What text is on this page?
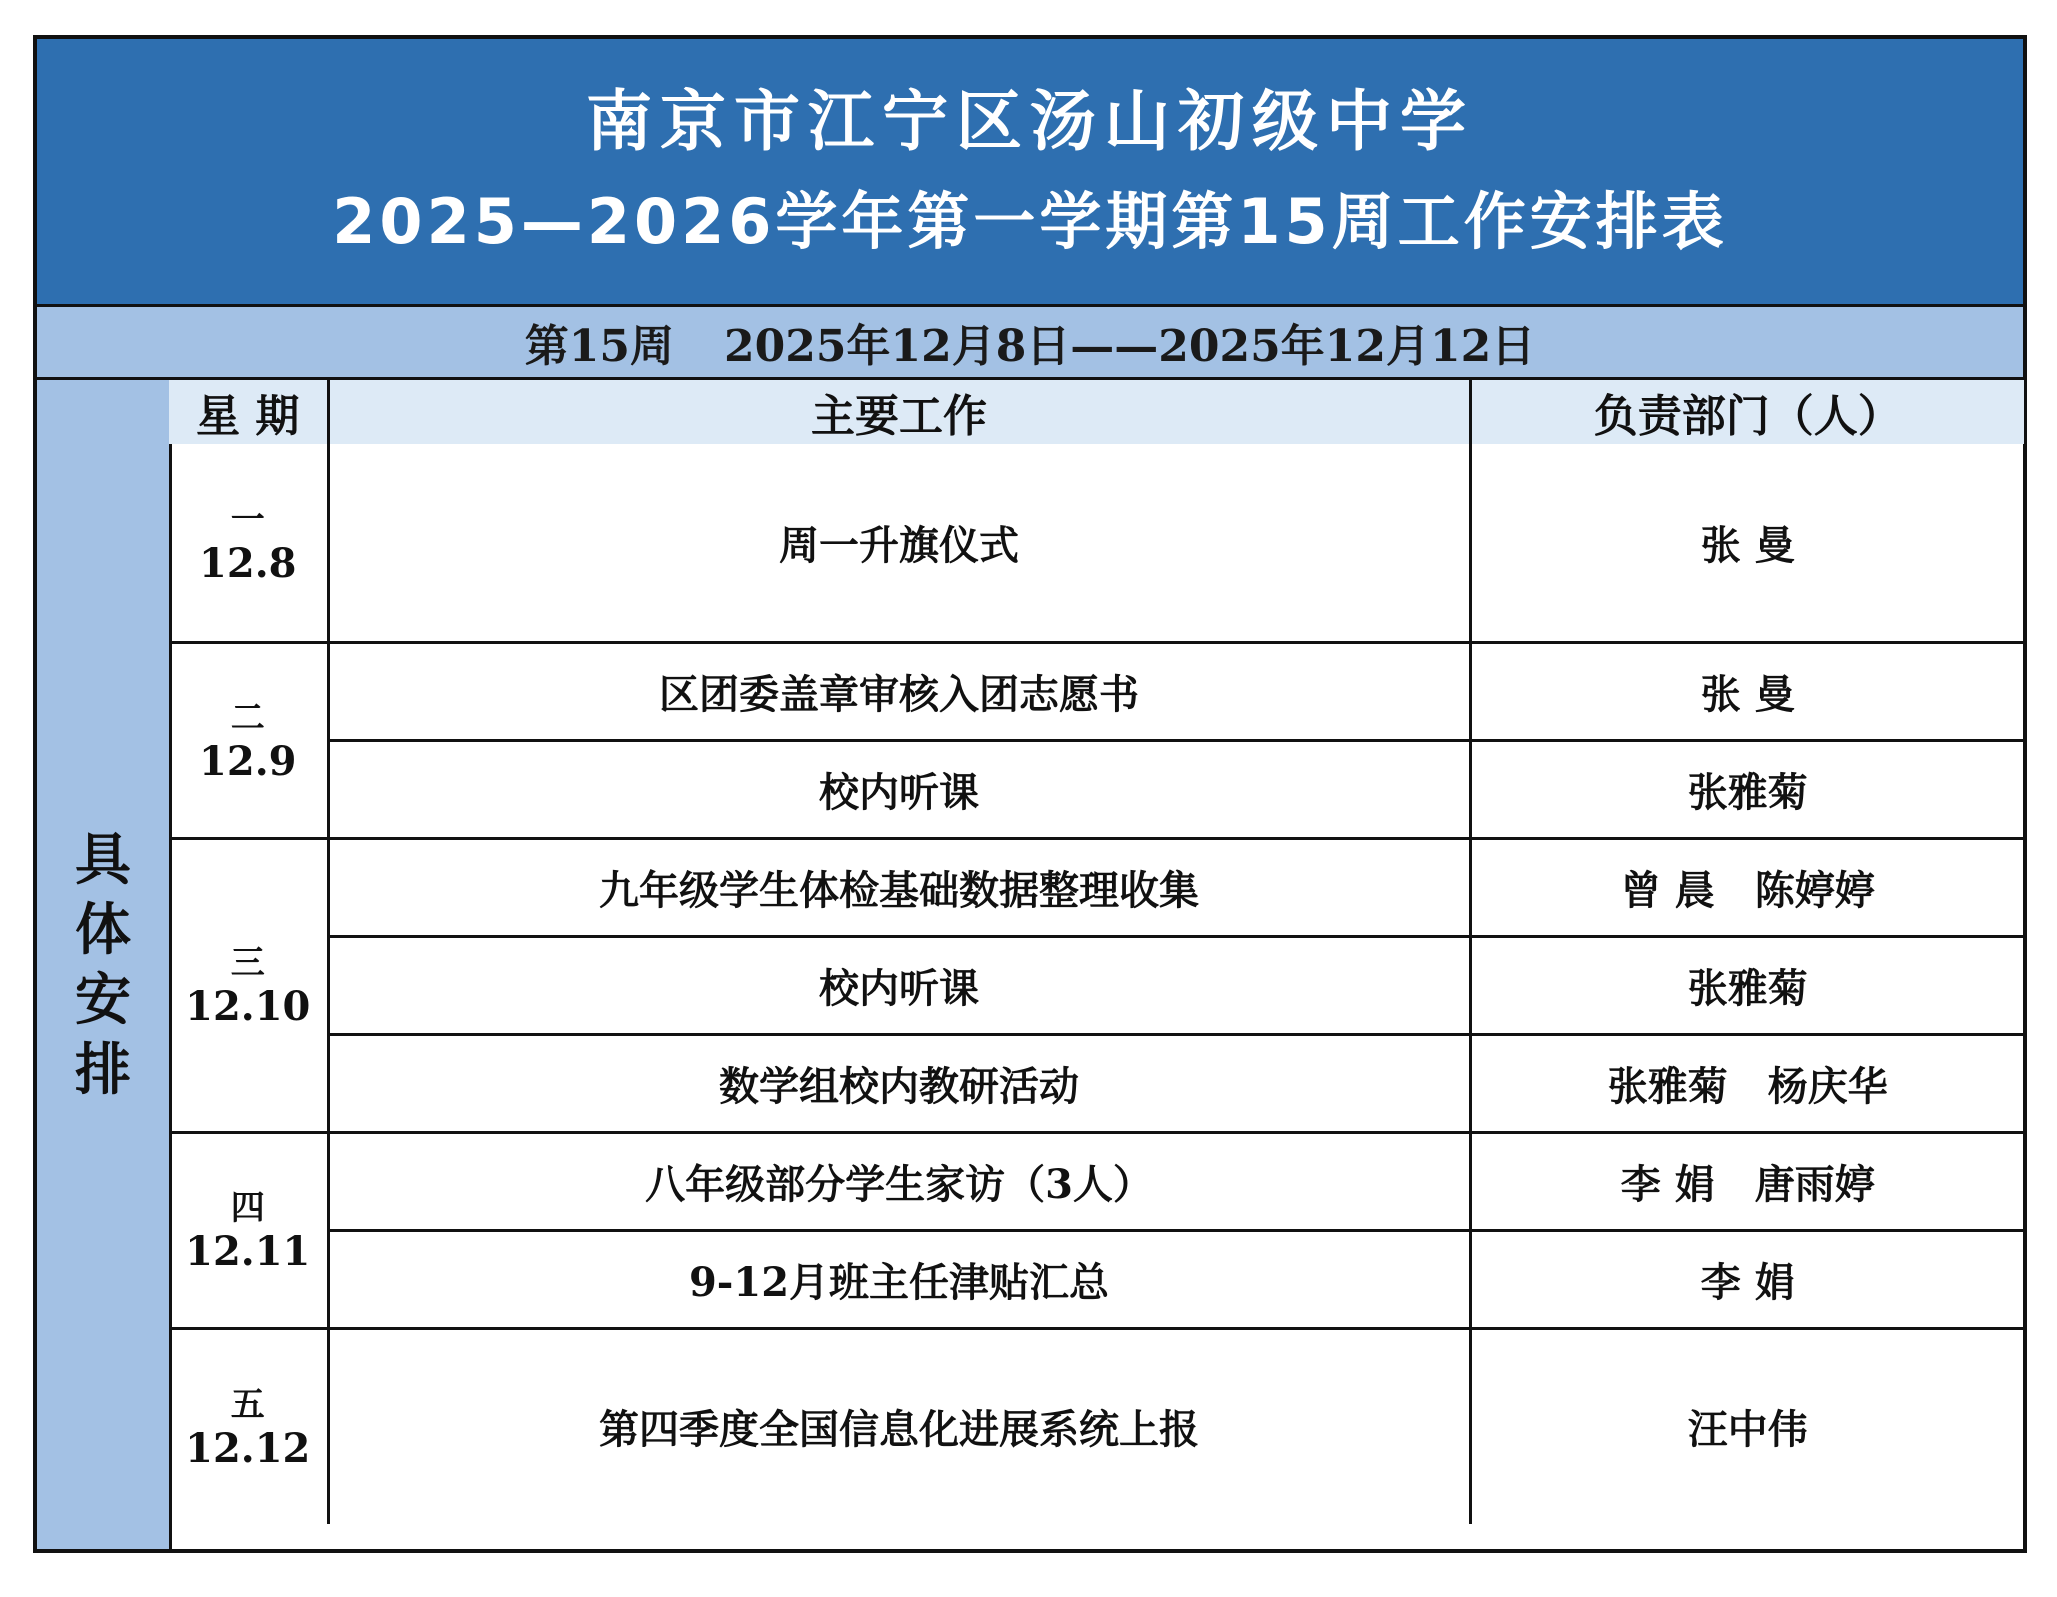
南京市江宁区汤山初级中学
2025—2026学年第一学期第15周工作安排表
第15周 2025年12月8日——2025年12月12日
具体安排
星 期	主要工作	负责部门（人）

一
12.8	周一升旗仪式	张 曼

二
12.9	区团委盖章审核入团志愿书	张 曼
	校内听课	张雅菊

三
12.10	九年级学生体检基础数据整理收集	曾 晨　陈婷婷
	校内听课	张雅菊
	数学组校内教研活动	张雅菊　杨庆华

四
12.11	八年级部分学生家访（3人）	李 娟　唐雨婷
	9-12月班主任津贴汇总	李 娟

五
12.12	第四季度全国信息化进展系统上报	汪中伟
